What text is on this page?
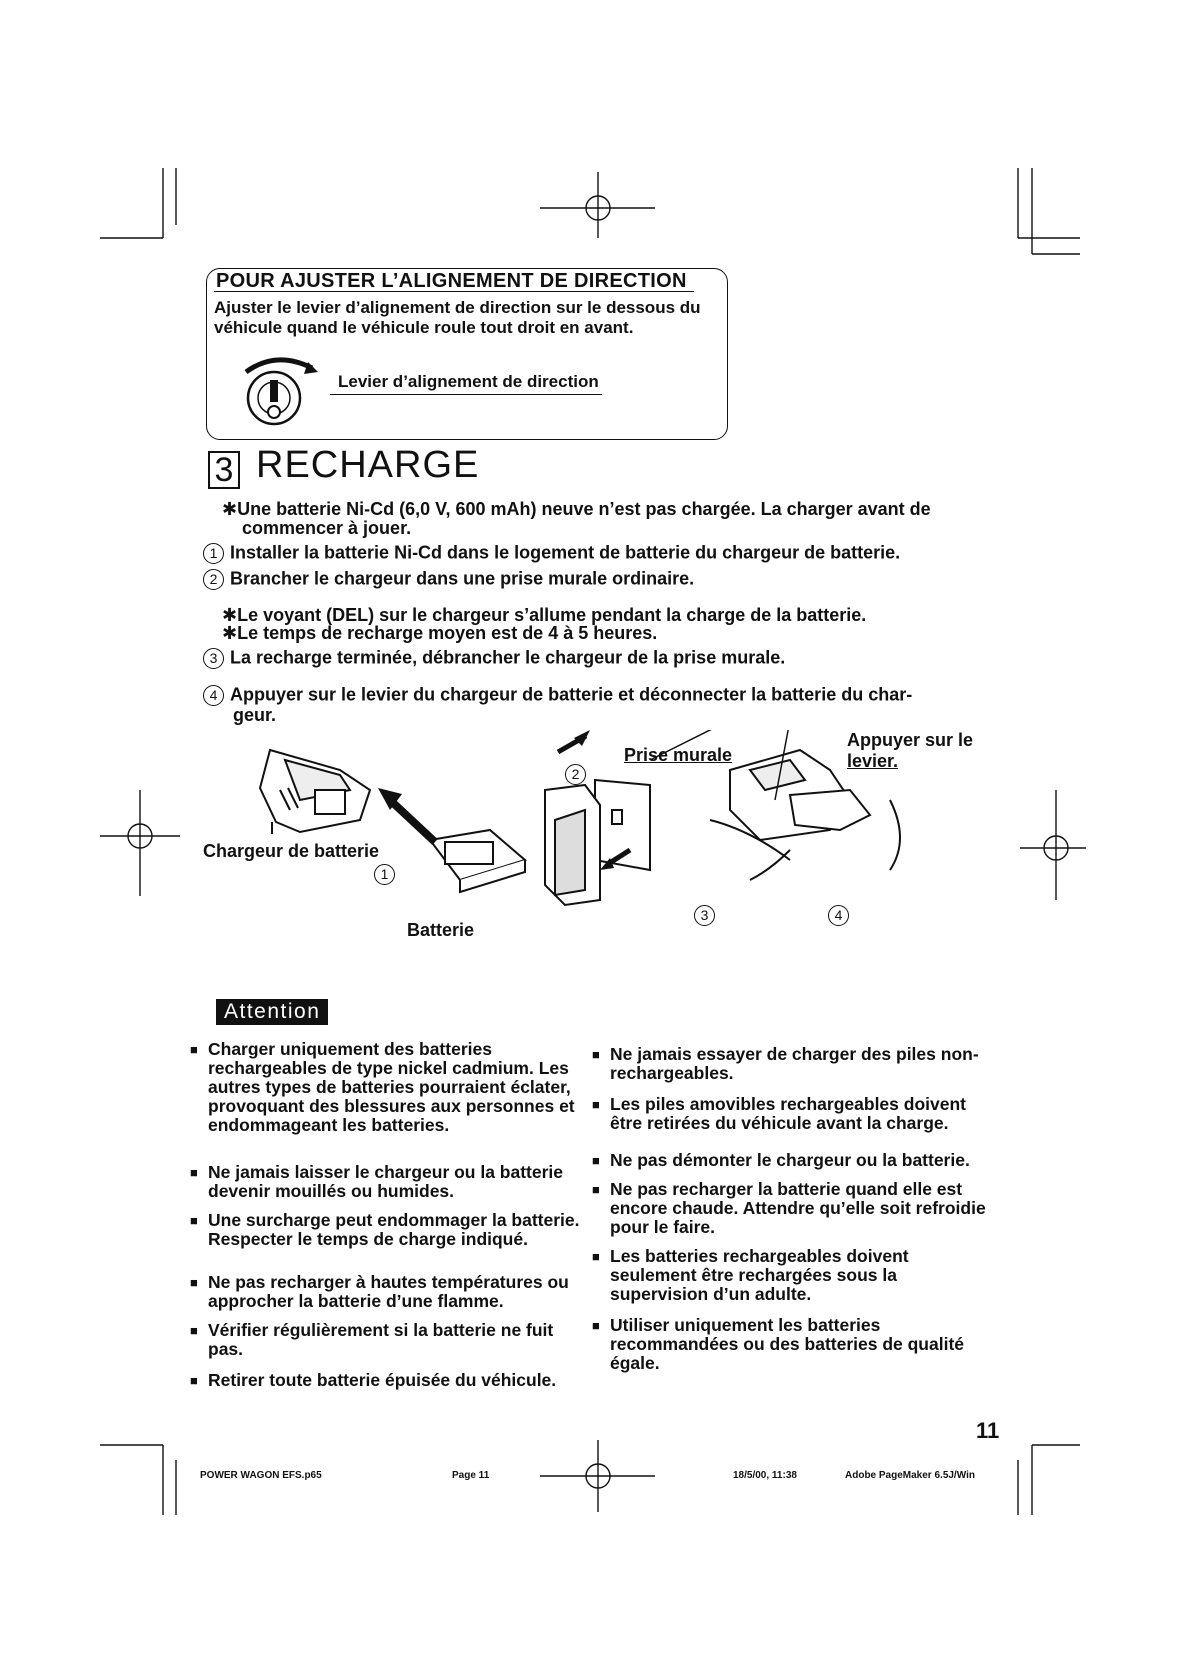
POUR AJUSTER L’ALIGNEMENT DE DIRECTION
Ajuster le levier d’alignement de direction sur le dessous du véhicule quand le véhicule roule tout droit en avant.
Levier d’alignement de direction
3 RECHARGE
✱Une batterie Ni-Cd (6,0 V, 600 mAh) neuve n’est pas chargée. La charger avant de
commencer à jouer.
1 Installer la batterie Ni-Cd dans le logement de batterie du chargeur de batterie.
2 Brancher le chargeur dans une prise murale ordinaire.
✱Le voyant (DEL) sur le chargeur s’allume pendant la charge de la batterie.
✱Le temps de recharge moyen est de 4 à 5 heures.
3 La recharge terminée, débrancher le chargeur de la prise murale.
4 Appuyer sur le levier du chargeur de batterie et déconnecter la batterie du char-
geur.
Chargeur de batterie
Batterie
Prise murale
Appuyer sur le
levier.
1
2
3	4
Attention
■ Charger uniquement des batteries rechargeables de type nickel cadmium. Les autres types de batteries pourraient éclater, provoquant des blessures aux personnes et endommageant les batteries.
■ Ne jamais laisser le chargeur ou la batterie devenir mouillés ou humides.
■ Une surcharge peut endommager la batterie. Respecter le temps de charge indiqué.
■ Ne pas recharger à hautes températures ou approcher la batterie d’une flamme.
■ Vérifier régulièrement si la batterie ne fuit pas.
■ Retirer toute batterie épuisée du véhicule.
■ Ne jamais essayer de charger des piles non-rechargeables.
■ Les piles amovibles rechargeables doivent être retirées du véhicule avant la charge.
■ Ne pas démonter le chargeur ou la batterie.
■ Ne pas recharger la batterie quand elle est encore chaude. Attendre qu’elle soit refroidie pour le faire.
■ Les batteries rechargeables doivent seulement être rechargées sous la supervision d’un adulte.
■ Utiliser uniquement les batteries recommandées ou des batteries de qualité égale.
11
POWER WAGON EFS.p65	Page 11	18/5/00, 11:38	Adobe PageMaker 6.5J/Win
